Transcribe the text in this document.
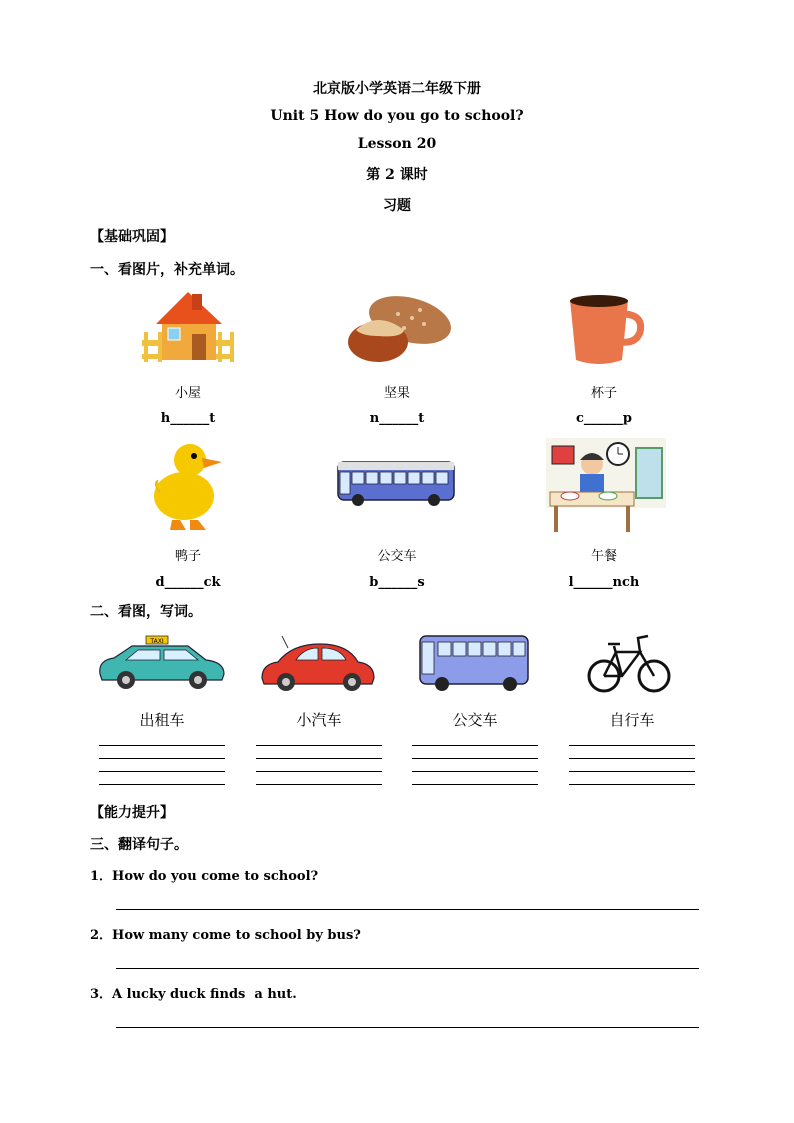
北京版小学英语二年级下册
Unit 5 How do you go to school?
Lesson 20
第 2 课时
习题
【基础巩固】
一、看图片，补充单词。
小屋	坚果	杯子
h______t	n______t	c______p
鸭子	公交车	午餐
d______ck	b______s	l______nch
二、看图，写词。
TAXI
出租车	小汽车	公交车	自行车
【能力提升】
三、翻译句子。
1．How do you come to school?
2．How many come to school by bus?
3．A lucky duck finds  a hut.
